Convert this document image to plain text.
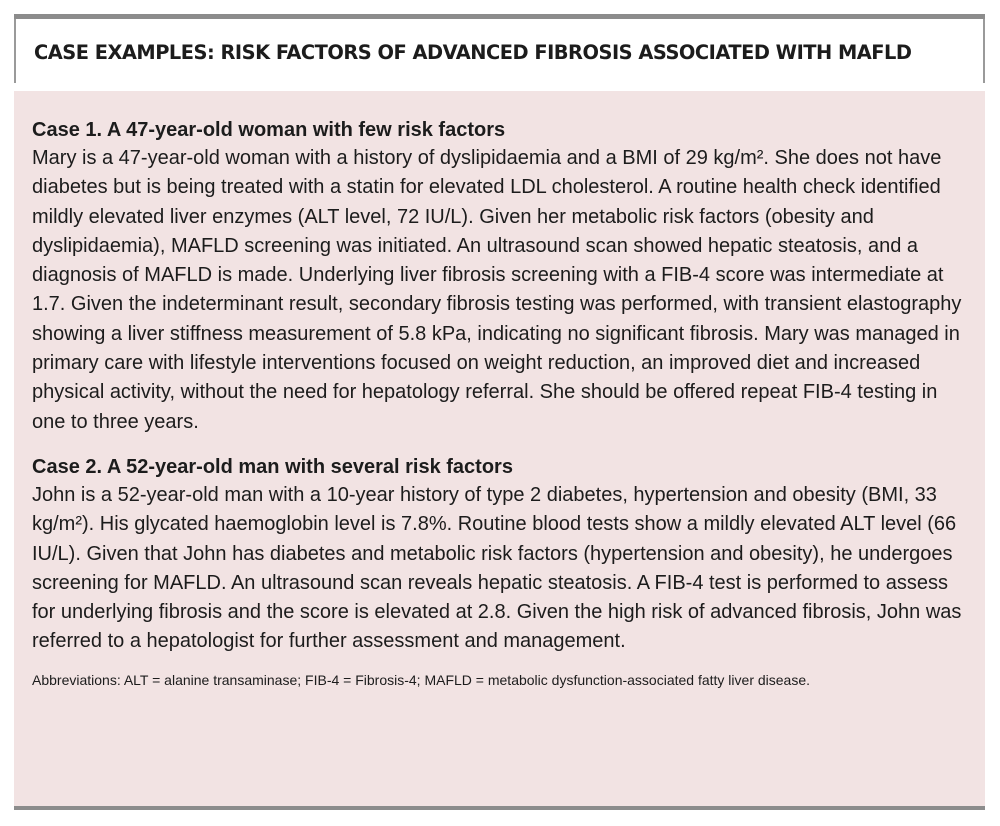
CASE EXAMPLES: RISK FACTORS OF ADVANCED FIBROSIS ASSOCIATED WITH MAFLD

Case 1. A 47-year-old woman with few risk factors

Mary is a 47-year-old woman with a history of dyslipidaemia and a BMI of 29 kg/m². She does not have diabetes but is being treated with a statin for elevated LDL cholesterol. A routine health check identified mildly elevated liver enzymes (ALT level, 72 IU/L). Given her metabolic risk factors (obesity and dyslipidaemia), MAFLD screening was initiated. An ultrasound scan showed hepatic steatosis, and a diagnosis of MAFLD is made. Underlying liver fibrosis screening with a FIB-4 score was intermediate at 1.7. Given the indeterminant result, secondary fibrosis testing was performed, with transient elastography showing a liver stiffness measurement of 5.8 kPa, indicating no significant fibrosis. Mary was managed in primary care with lifestyle interventions focused on weight reduction, an improved diet and increased physical activity, without the need for hepatology referral. She should be offered repeat FIB-4 testing in one to three years.

Case 2. A 52-year-old man with several risk factors

John is a 52-year-old man with a 10-year history of type 2 diabetes, hypertension and obesity (BMI, 33 kg/m²). His glycated haemoglobin level is 7.8%. Routine blood tests show a mildly elevated ALT level (66 IU/L). Given that John has diabetes and metabolic risk factors (hypertension and obesity), he undergoes screening for MAFLD. An ultrasound scan reveals hepatic steatosis. A FIB-4 test is performed to assess for underlying fibrosis and the score is elevated at 2.8. Given the high risk of advanced fibrosis, John was referred to a hepatologist for further assessment and management.

Abbreviations: ALT = alanine transaminase; FIB-4 = Fibrosis-4; MAFLD = metabolic dysfunction-associated fatty liver disease.
